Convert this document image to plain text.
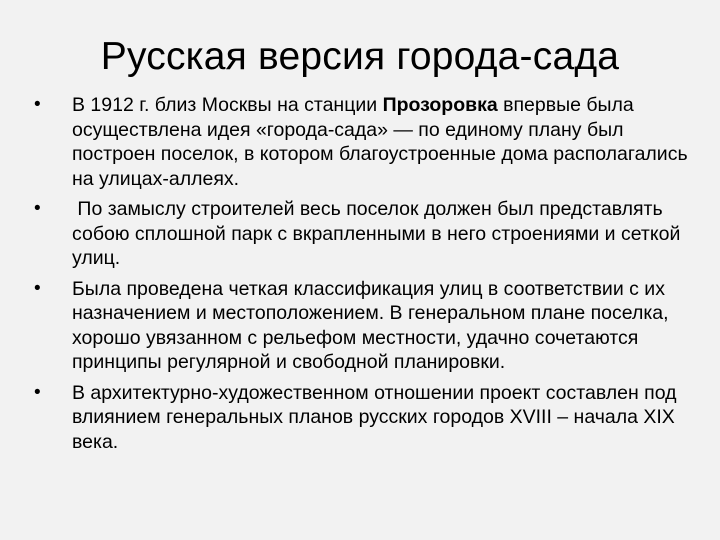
Русская версия города-сада
• В 1912 г. близ Москвы на станции Прозоровка впервые была осуществлена идея «города-сада» — по единому плану был построен поселок, в котором благоустроенные дома располагались на улицах-аллеях.
• По замыслу строителей весь поселок должен был представлять собою сплошной парк с вкрапленными в него строениями и сеткой улиц.
• Была проведена четкая классификация улиц в соответствии с их назначением и местоположением. В генеральном плане поселка, хорошо увязанном с рельефом местности, удачно сочетаются принципы регулярной и свободной планировки.
• В архитектурно-художественном отношении проект составлен под влиянием генеральных планов русских городов XVIII – начала XIX века.
